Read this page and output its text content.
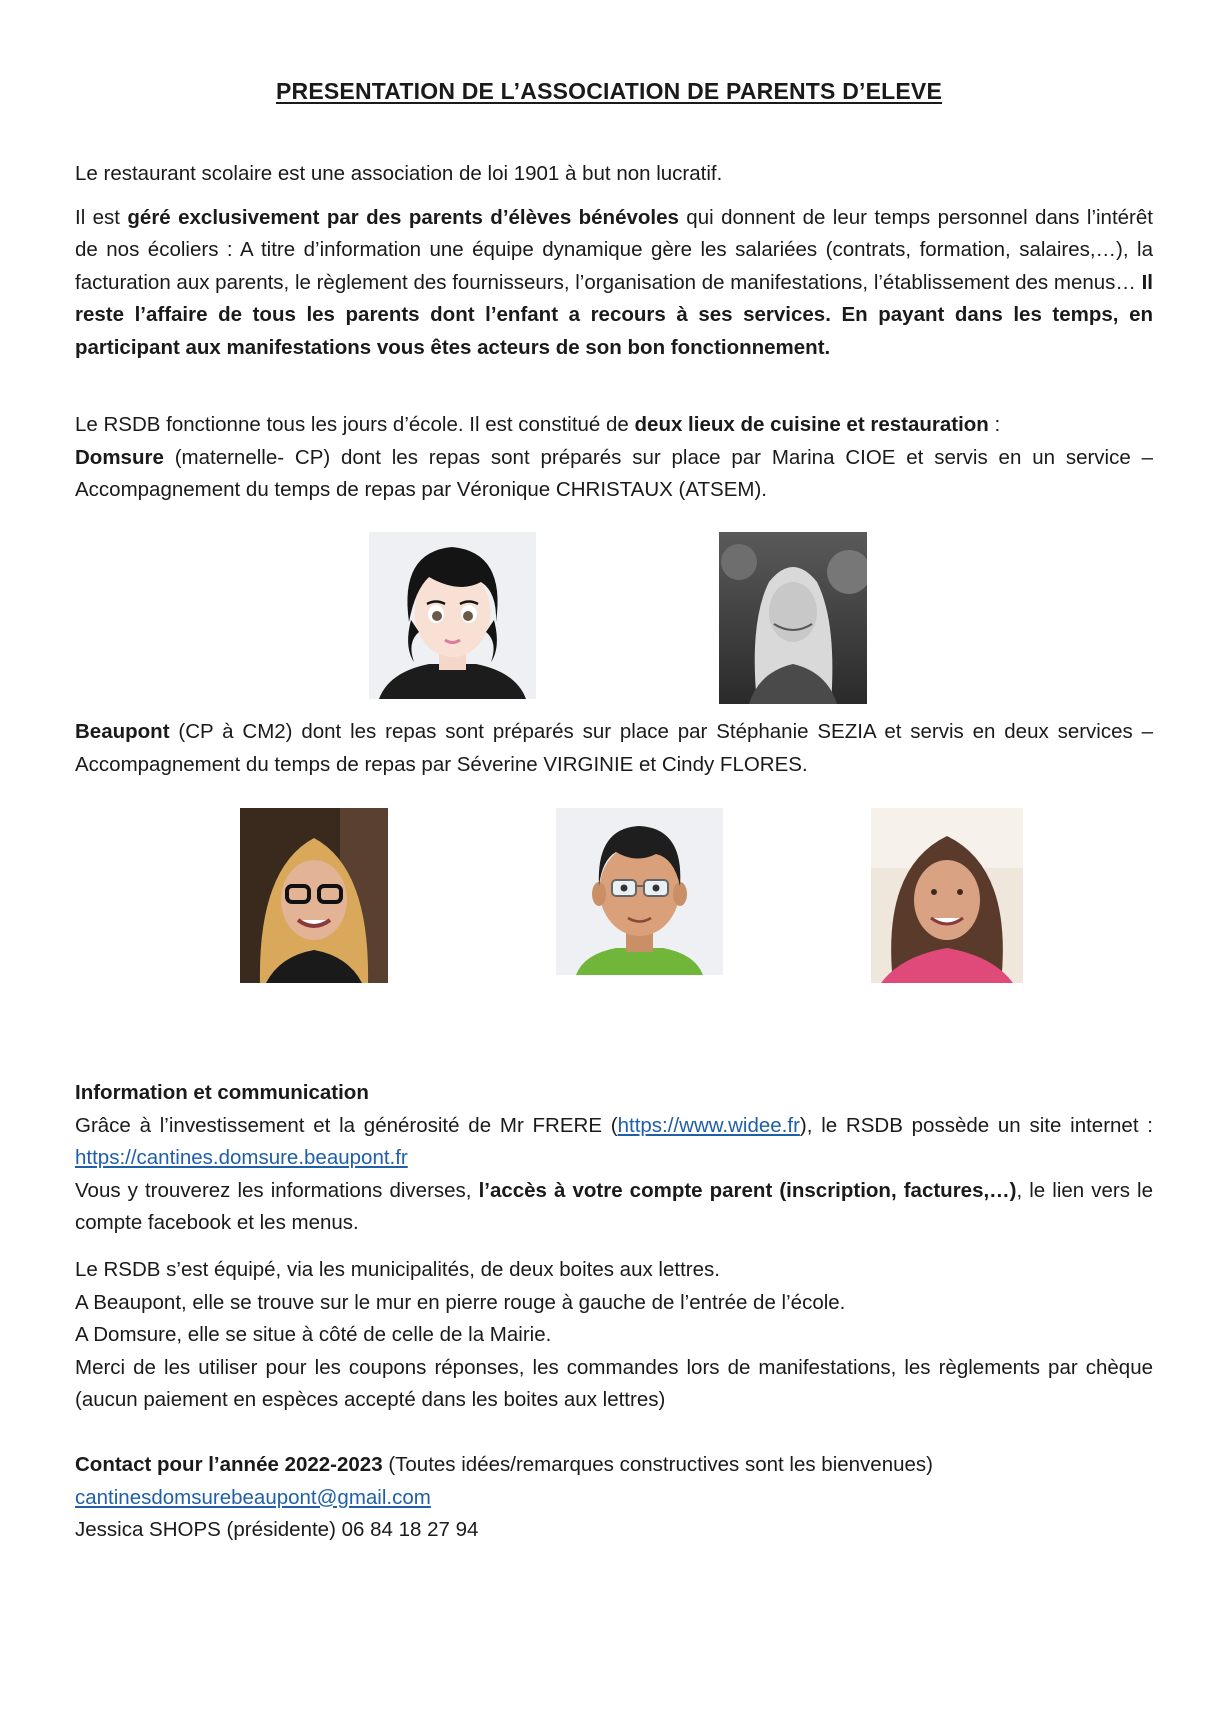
PRESENTATION DE L’ASSOCIATION DE PARENTS D’ELEVE

Le restaurant scolaire est une association de loi 1901 à but non lucratif.

Il est géré exclusivement par des parents d’élèves bénévoles qui donnent de leur temps personnel dans l’intérêt de nos écoliers : A titre d’information une équipe dynamique gère les salariées (contrats, formation, salaires,…), la facturation aux parents, le règlement des fournisseurs, l’organisation de manifestations, l’établissement des menus… Il reste l’affaire de tous les parents dont l’enfant a recours à ses services. En payant dans les temps, en participant aux manifestations vous êtes acteurs de son bon fonctionnement.

Le RSDB fonctionne tous les jours d’école. Il est constitué de deux lieux de cuisine et restauration :

Domsure (maternelle- CP) dont les repas sont préparés sur place par Marina CIOE et servis en un service – Accompagnement du temps de repas par Véronique CHRISTAUX (ATSEM).

Beaupont (CP à CM2) dont les repas sont préparés sur place par Stéphanie SEZIA et servis en deux services – Accompagnement du temps de repas par Séverine VIRGINIE et Cindy FLORES.

Information et communication

Grâce à l’investissement et la générosité de Mr FRERE (https://www.widee.fr), le RSDB possède un site internet : https://cantines.domsure.beaupont.fr

Vous y trouverez les informations diverses, l’accès à votre compte parent (inscription, factures,…), le lien vers le compte facebook et les menus.

Le RSDB s’est équipé, via les municipalités, de deux boites aux lettres.

A Beaupont, elle se trouve sur le mur en pierre rouge à gauche de l’entrée de l’école.

A Domsure, elle se situe à côté de celle de la Mairie.

Merci de les utiliser pour les coupons réponses, les commandes lors de manifestations, les règlements par chèque (aucun paiement en espèces accepté dans les boites aux lettres)

Contact pour l’année 2022-2023 (Toutes idées/remarques constructives sont les bienvenues)

cantinesdomsurebeaupont@gmail.com

Jessica SHOPS (présidente) 06 84 18 27 94
